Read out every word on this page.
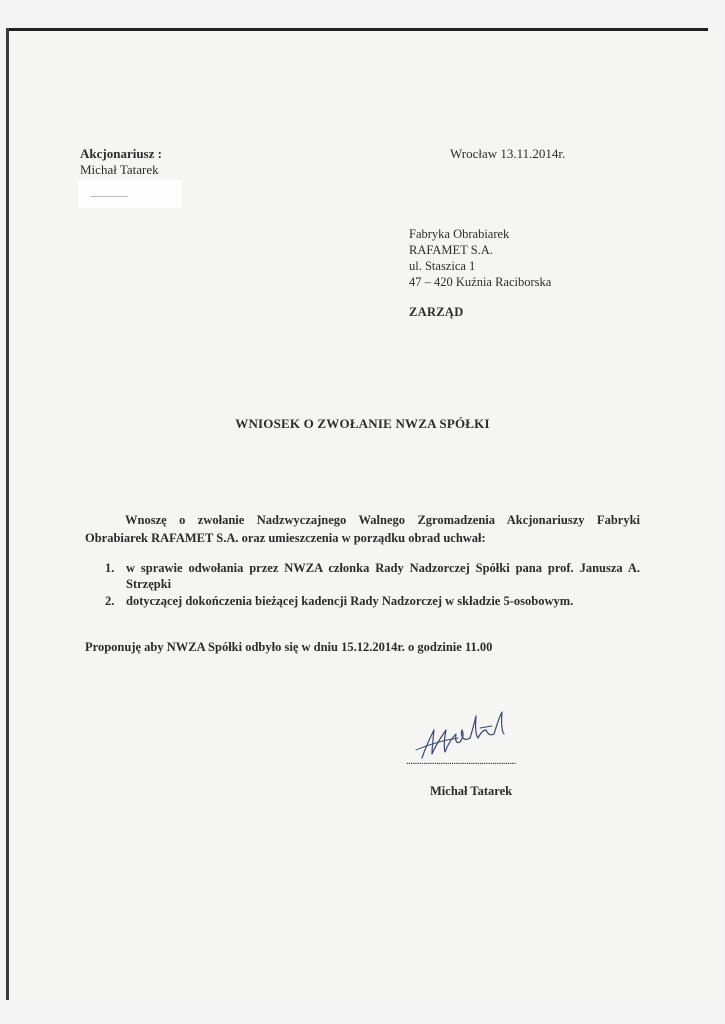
Akcjonariusz :
Michał Tatarek
Wrocław 13.11.2014r.
Fabryka Obrabiarek
RAFAMET S.A.
ul. Staszica 1
47 – 420 Kuźnia Raciborska
ZARZĄD
WNIOSEK O ZWOŁANIE NWZA SPÓŁKI
Wnoszę o zwołanie Nadzwyczajnego Walnego Zgromadzenia Akcjonariuszy Fabryki Obrabiarek RAFAMET S.A. oraz umieszczenia w porządku obrad uchwał:
1. w sprawie odwołania przez NWZA członka Rady Nadzorczej Spółki pana prof. Janusza A. Strzępki
2. dotyczącej dokończenia bieżącej kadencji Rady Nadzorczej w składzie 5-osobowym.
Proponuję aby NWZA Spółki odbyło się w dniu 15.12.2014r. o godzinie 11.00
...................................................
Michał Tatarek
